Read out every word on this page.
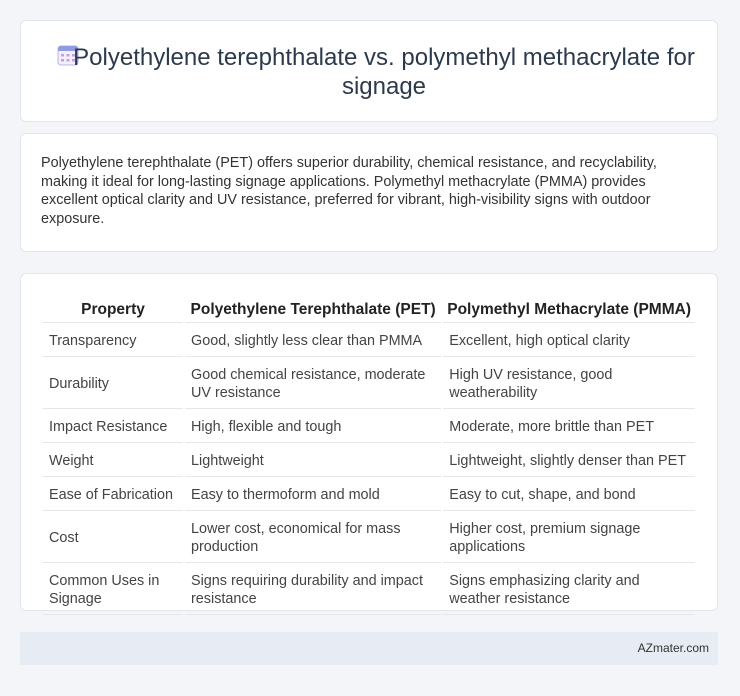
Polyethylene terephthalate vs. polymethyl methacrylate for signage

Polyethylene terephthalate (PET) offers superior durability, chemical resistance, and recyclability, making it ideal for long-lasting signage applications. Polymethyl methacrylate (PMMA) provides excellent optical clarity and UV resistance, preferred for vibrant, high-visibility signs with outdoor exposure.

Property	Polyethylene Terephthalate (PET)	Polymethyl Methacrylate (PMMA)
Transparency	Good, slightly less clear than PMMA	Excellent, high optical clarity
Durability	Good chemical resistance, moderate UV resistance	High UV resistance, good weatherability
Impact Resistance	High, flexible and tough	Moderate, more brittle than PET
Weight	Lightweight	Lightweight, slightly denser than PET
Ease of Fabrication	Easy to thermoform and mold	Easy to cut, shape, and bond
Cost	Lower cost, economical for mass production	Higher cost, premium signage applications
Common Uses in Signage	Signs requiring durability and impact resistance	Signs emphasizing clarity and weather resistance
AZmater.com
